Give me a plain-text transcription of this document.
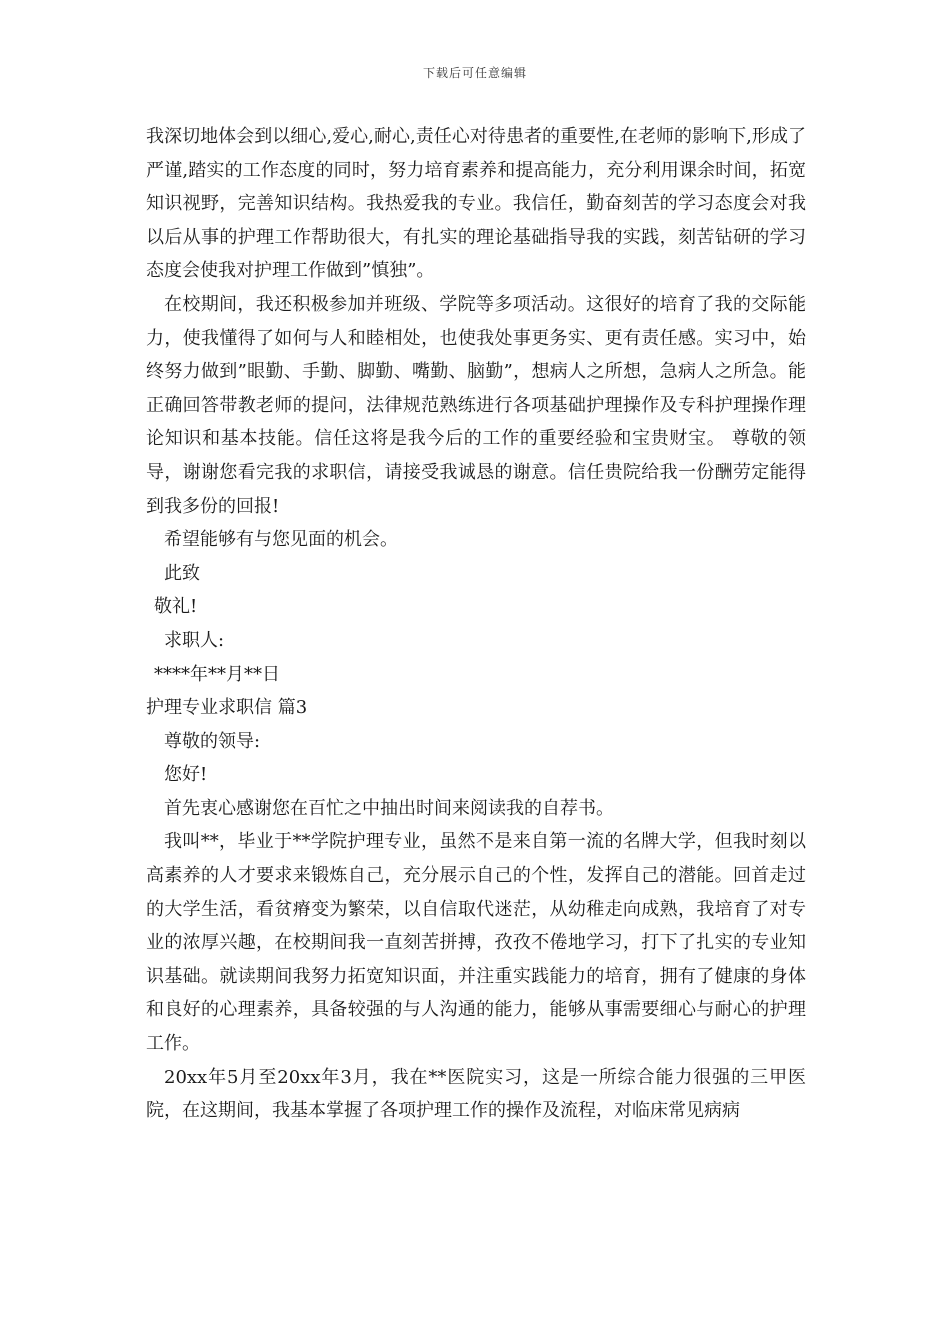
下载后可任意编辑

我深切地体会到以细心,爱心,耐心,责任心对待患者的重要性,在老师的影响下,形成了严谨,踏实的工作态度的同时，努力培育素养和提高能力，充分利用课余时间，拓宽知识视野，完善知识结构。我热爱我的专业。我信任，勤奋刻苦的学习态度会对我以后从事的护理工作帮助很大，有扎实的理论基础指导我的实践，刻苦钻研的学习态度会使我对护理工作做到”慎独”。

在校期间，我还积极参加并班级、学院等多项活动。这很好的培育了我的交际能力，使我懂得了如何与人和睦相处，也使我处事更务实、更有责任感。实习中，始终努力做到”眼勤、手勤、脚勤、嘴勤、脑勤”，想病人之所想，急病人之所急。能正确回答带教老师的提问，法律规范熟练进行各项基础护理操作及专科护理操作理论知识和基本技能。信任这将是我今后的工作的重要经验和宝贵财宝。 尊敬的领导，谢谢您看完我的求职信，请接受我诚恳的谢意。信任贵院给我一份酬劳定能得到我多份的回报!

希望能够有与您见面的机会。

此致

敬礼!

求职人:

****年**月**日

护理专业求职信 篇3

尊敬的领导:

您好!

首先衷心感谢您在百忙之中抽出时间来阅读我的自荐书。

我叫**，毕业于**学院护理专业，虽然不是来自第一流的名牌大学，但我时刻以高素养的人才要求来锻炼自己，充分展示自己的个性，发挥自己的潜能。回首走过的大学生活，看贫瘠变为繁荣，以自信取代迷茫，从幼稚走向成熟，我培育了对专业的浓厚兴趣，在校期间我一直刻苦拼搏，孜孜不倦地学习，打下了扎实的专业知识基础。就读期间我努力拓宽知识面，并注重实践能力的培育，拥有了健康的身体和良好的心理素养，具备较强的与人沟通的能力，能够从事需要细心与耐心的护理工作。

20xx年5月至20xx年3月，我在**医院实习，这是一所综合能力很强的三甲医院，在这期间，我基本掌握了各项护理工作的操作及流程，对临床常见病病
